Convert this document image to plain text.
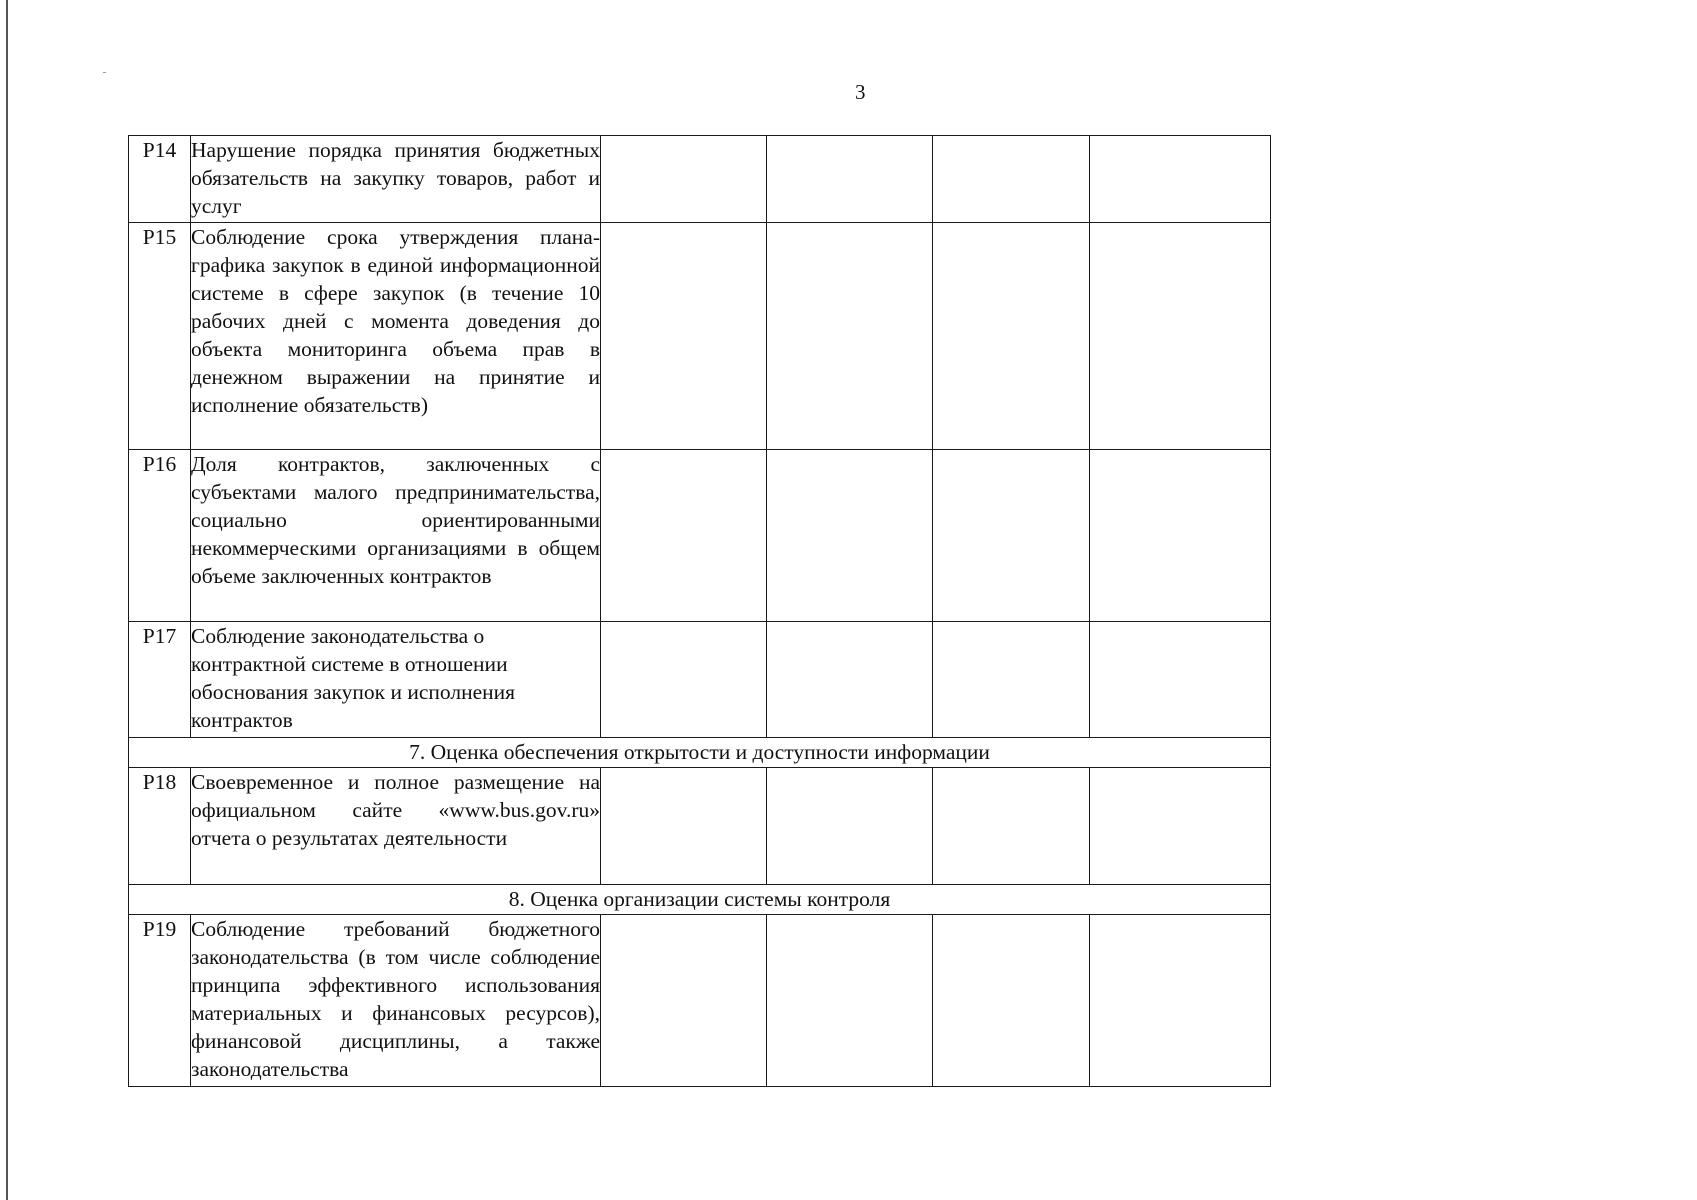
3
Р14	Нарушение порядка принятия бюджетных обязательств на закупку товаров, работ и услуг				

Р15	Соблюдение срока утверждения плана-графика закупок в единой информационной системе в сфере закупок (в течение 10 рабочих дней с момента доведения до объекта мониторинга объема прав в денежном выражении на принятие и исполнение обязательств)				

Р16	Доля контрактов, заключенных с субъектами малого предпринимательства, социально ориентированными некоммерческими организациями в общем объеме заключенных контрактов				

Р17	Соблюдение законодательства о контрактной системе в отношении обоснования закупок и исполнения контрактов				

7. Оценка обеспечения открытости и доступности информации					
Р18	Своевременное и полное размещение на официальном сайте «www.bus.gov.ru» отчета о результатах деятельности				

8. Оценка организации системы контроля					
Р19	Соблюдение требований бюджетного законодательства (в том числе соблюдение принципа эффективного использования материальных и финансовых ресурсов), финансовой дисциплины, а также законодательства				
